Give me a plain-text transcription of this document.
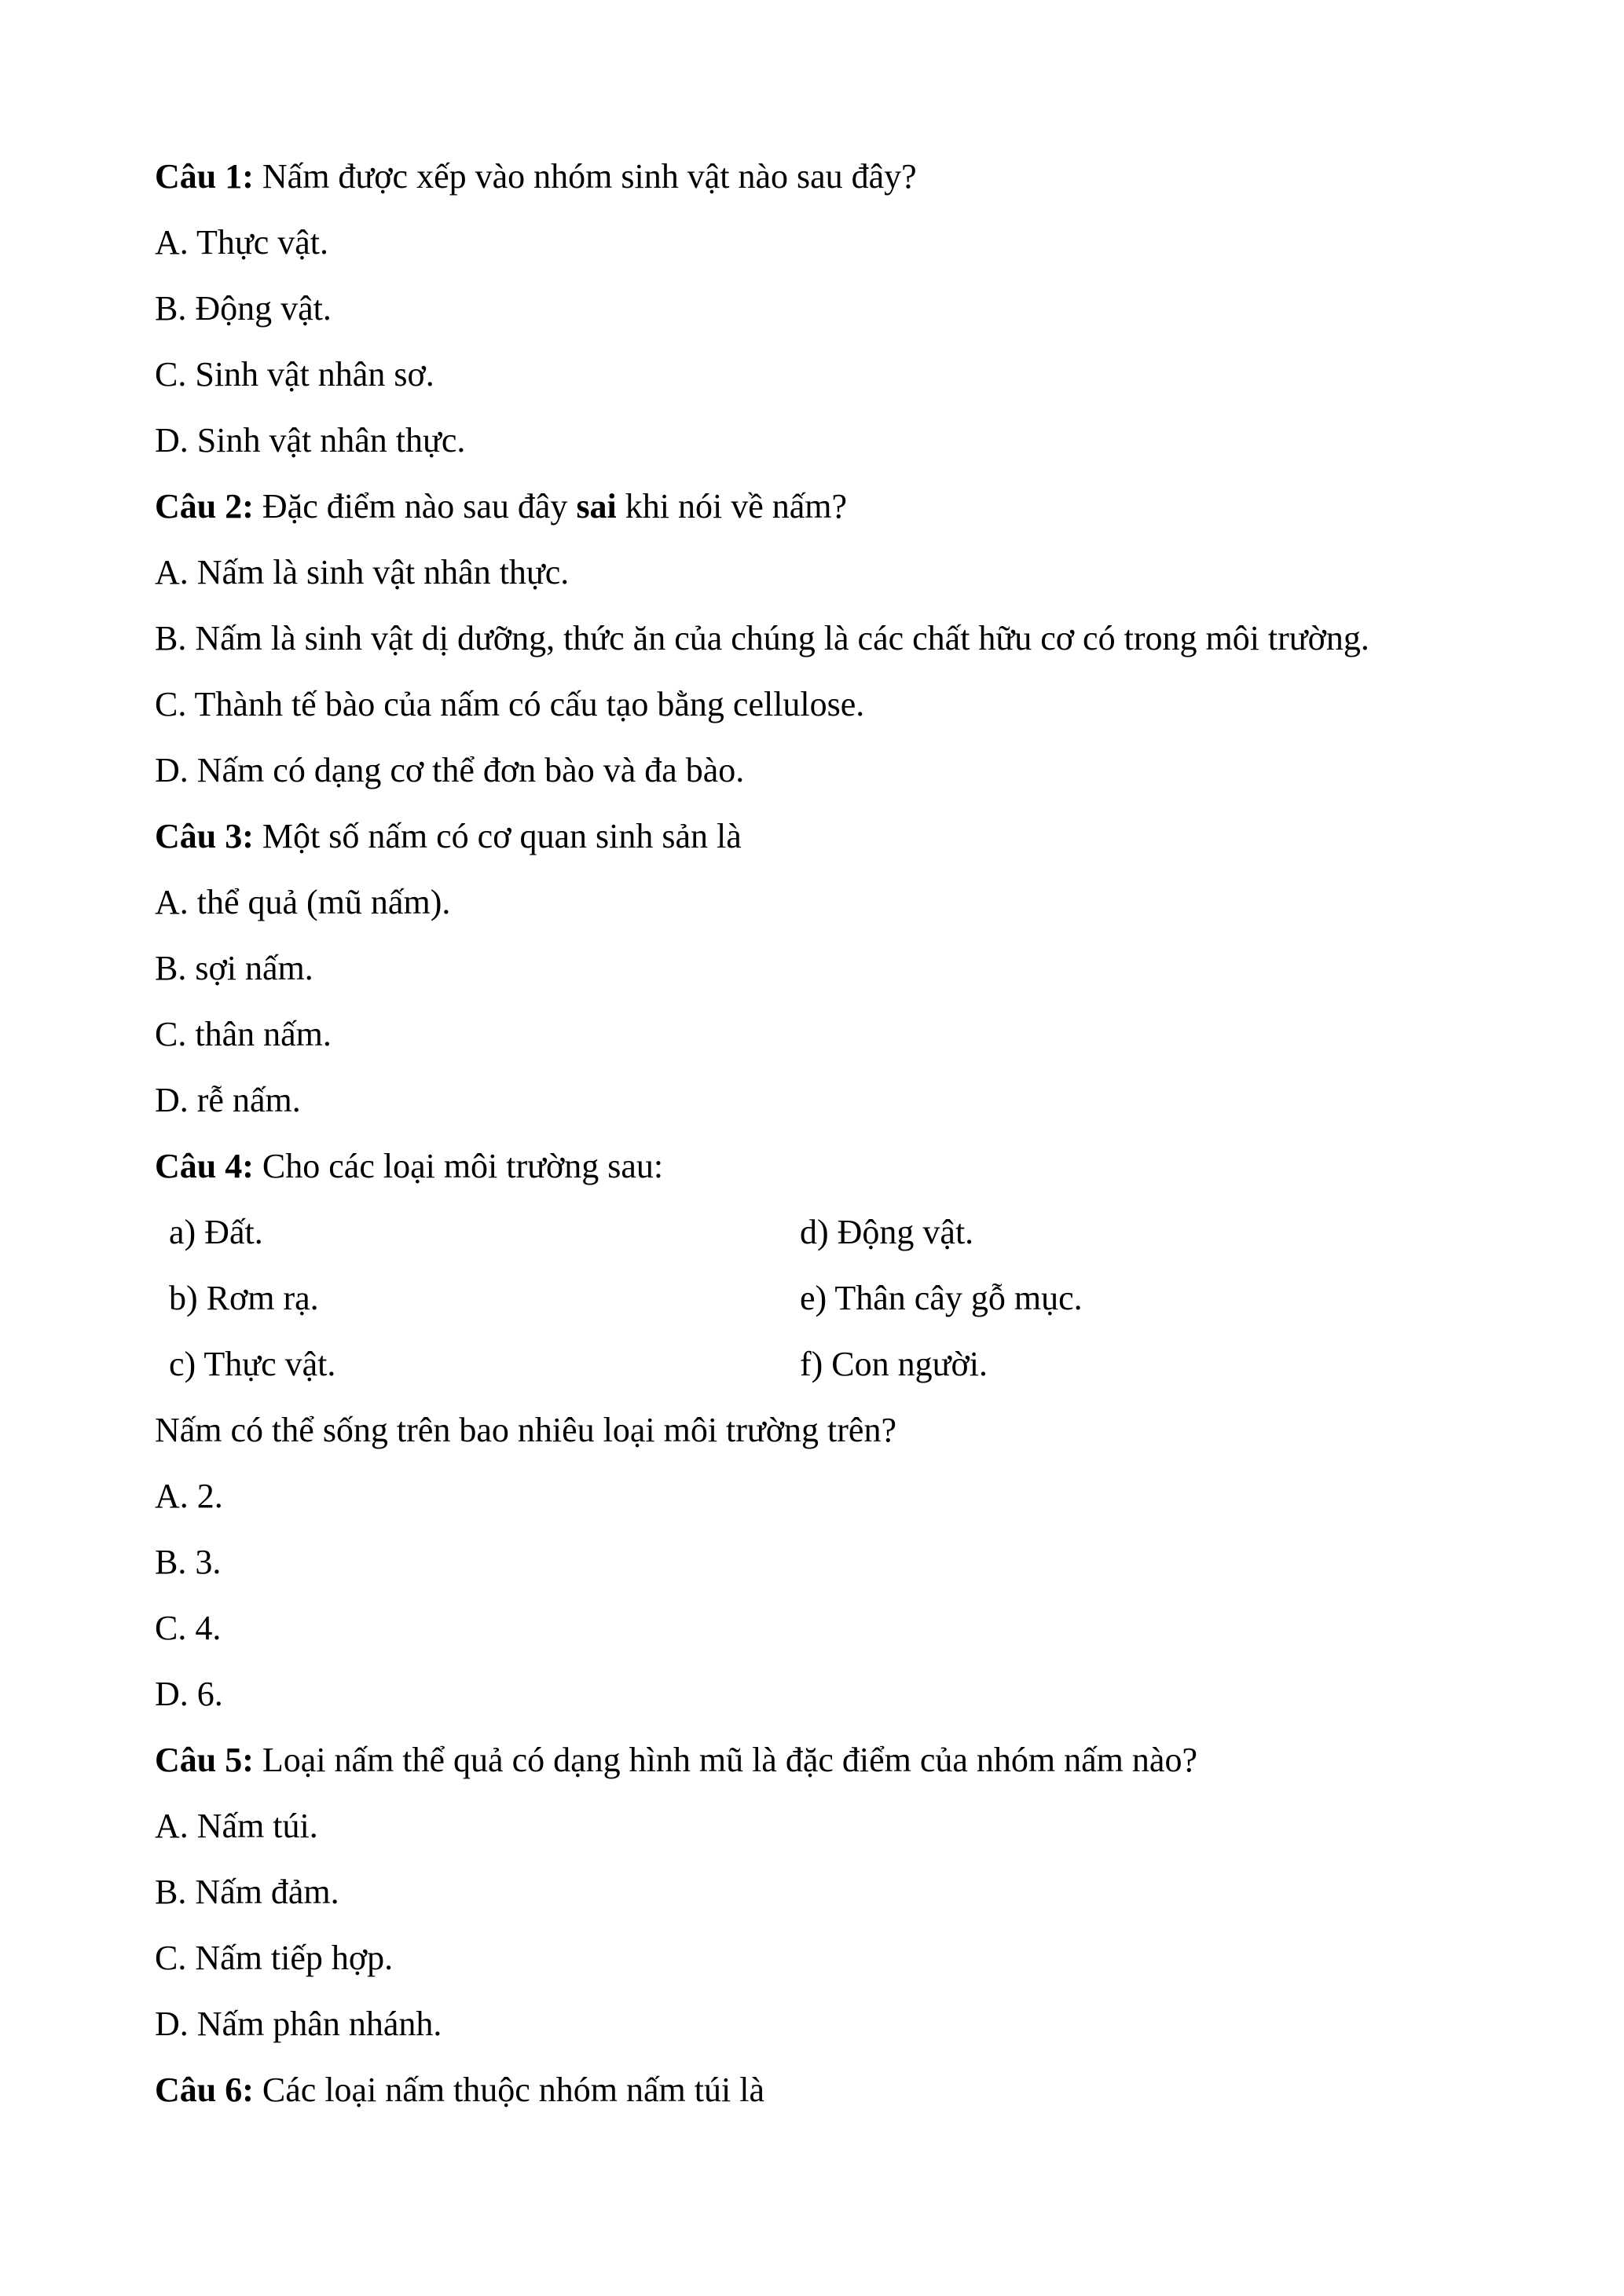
Câu 1: Nấm được xếp vào nhóm sinh vật nào sau đây?
A. Thực vật.
B. Động vật.
C. Sinh vật nhân sơ.
D. Sinh vật nhân thực.
Câu 2: Đặc điểm nào sau đây sai khi nói về nấm?
A. Nấm là sinh vật nhân thực.
B. Nấm là sinh vật dị dưỡng, thức ăn của chúng là các chất hữu cơ có trong môi trường.
C. Thành tế bào của nấm có cấu tạo bằng cellulose.
D. Nấm có dạng cơ thể đơn bào và đa bào.
Câu 3: Một số nấm có cơ quan sinh sản là
A. thể quả (mũ nấm).
B. sợi nấm.
C. thân nấm.
D. rễ nấm.
Câu 4: Cho các loại môi trường sau:
a) Đất.	d) Động vật.
b) Rơm rạ.	e) Thân cây gỗ mục.
c) Thực vật.	f) Con người.
Nấm có thể sống trên bao nhiêu loại môi trường trên?
A. 2.
B. 3.
C. 4.
D. 6.
Câu 5: Loại nấm thể quả có dạng hình mũ là đặc điểm của nhóm nấm nào?
A. Nấm túi.
B. Nấm đảm.
C. Nấm tiếp hợp.
D. Nấm phân nhánh.
Câu 6: Các loại nấm thuộc nhóm nấm túi là
